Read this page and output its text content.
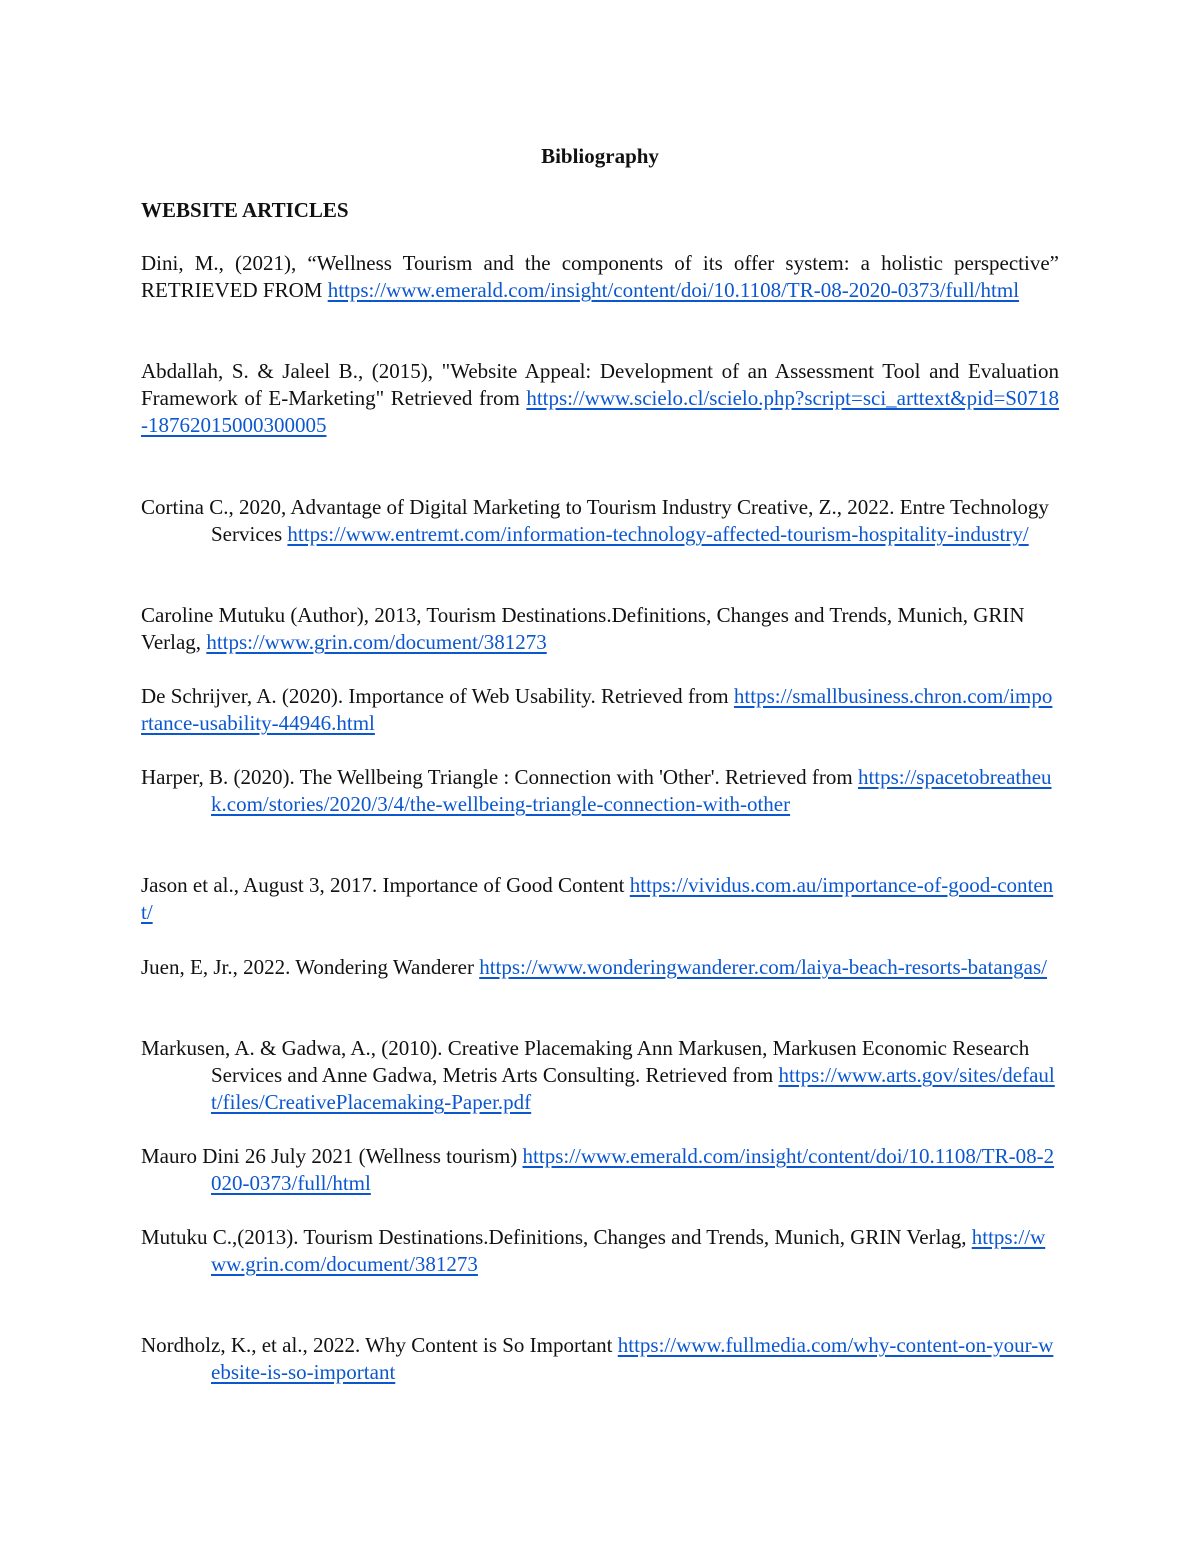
Bibliography
WEBSITE ARTICLES

Dini, M., (2021), “Wellness Tourism and the components of its offer system: a holistic perspective” RETRIEVED FROM https://www.emerald.com/insight/content/doi/10.1108/TR-08-2020-0373/full/html

Abdallah, S. & Jaleel B., (2015), "Website Appeal: Development of an Assessment Tool and Evaluation Framework of E-Marketing" Retrieved from https://www.scielo.cl/scielo.php?script=sci_arttext&pid=S0718-18762015000300005

Cortina C., 2020, Advantage of Digital Marketing to Tourism Industry Creative, Z., 2022. Entre Technology Services https://www.entremt.com/information-technology-affected-tourism-hospitality-industry/

Caroline Mutuku (Author), 2013, Tourism Destinations.Definitions, Changes and Trends, Munich, GRIN Verlag, https://www.grin.com/document/381273

De Schrijver, A. (2020). Importance of Web Usability. Retrieved from https://smallbusiness.chron.com/importance-usability-44946.html

Harper, B. (2020). The Wellbeing Triangle : Connection with 'Other'. Retrieved from https://spacetobreatheuk.com/stories/2020/3/4/the-wellbeing-triangle-connection-with-other

Jason et al., August 3, 2017. Importance of Good Content https://vividus.com.au/importance-of-good-content/

Juen, E, Jr., 2022. Wondering Wanderer https://www.wonderingwanderer.com/laiya-beach-resorts-batangas/

Markusen, A. & Gadwa, A., (2010). Creative Placemaking Ann Markusen, Markusen Economic Research Services and Anne Gadwa, Metris Arts Consulting. Retrieved from https://www.arts.gov/sites/default/files/CreativePlacemaking-Paper.pdf

Mauro Dini 26 July 2021 (Wellness tourism) https://www.emerald.com/insight/content/doi/10.1108/TR-08-2020-0373/full/html

Mutuku C.,(2013). Tourism Destinations.Definitions, Changes and Trends, Munich, GRIN Verlag, https://www.grin.com/document/381273

Nordholz, K., et al., 2022. Why Content is So Important https://www.fullmedia.com/why-content-on-your-website-is-so-important
